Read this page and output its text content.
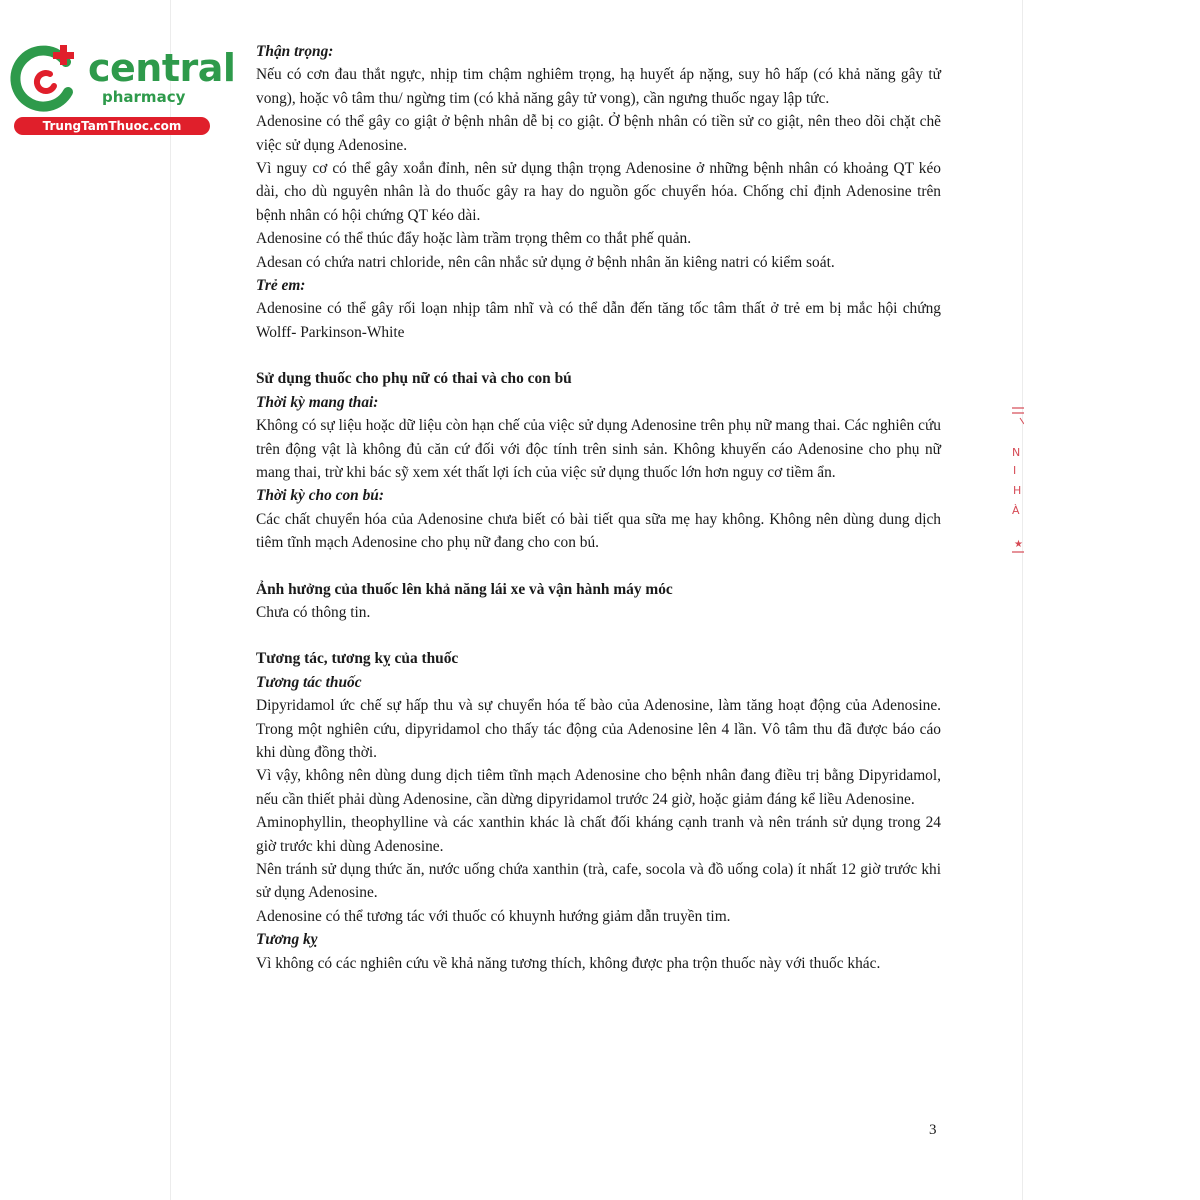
central
pharmacy
TrungTamThuoc.com

Thận trọng:

Nếu có cơn đau thắt ngực, nhịp tim chậm nghiêm trọng, hạ huyết áp nặng, suy hô hấp (có khả năng gây tử vong), hoặc vô tâm thu/ ngừng tim (có khả năng gây tử vong), cần ngưng thuốc ngay lập tức.

Adenosine có thể gây co giật ở bệnh nhân dễ bị co giật. Ở bệnh nhân có tiền sử co giật, nên theo dõi chặt chẽ việc sử dụng Adenosine.

Vì nguy cơ có thể gây xoắn đỉnh, nên sử dụng thận trọng Adenosine ở những bệnh nhân có khoảng QT kéo dài, cho dù nguyên nhân là do thuốc gây ra hay do nguồn gốc chuyển hóa. Chống chỉ định Adenosine trên bệnh nhân có hội chứng QT kéo dài.

Adenosine có thể thúc đẩy hoặc làm trầm trọng thêm co thắt phế quản.

Adesan có chứa natri chloride, nên cân nhắc sử dụng ở bệnh nhân ăn kiêng natri có kiểm soát.

Trẻ em:

Adenosine có thể gây rối loạn nhịp tâm nhĩ và có thể dẫn đến tăng tốc tâm thất ở trẻ em bị mắc hội chứng Wolff- Parkinson-White

Sử dụng thuốc cho phụ nữ có thai và cho con bú

Thời kỳ mang thai:

Không có sự liệu hoặc dữ liệu còn hạn chế của việc sử dụng Adenosine trên phụ nữ mang thai. Các nghiên cứu trên động vật là không đủ căn cứ đối với độc tính trên sinh sản. Không khuyến cáo Adenosine cho phụ nữ mang thai, trừ khi bác sỹ xem xét thất lợi ích của việc sử dụng thuốc lớn hơn nguy cơ tiềm ẩn.

Thời kỳ cho con bú:

Các chất chuyển hóa của Adenosine chưa biết có bài tiết qua sữa mẹ hay không. Không nên dùng dung dịch tiêm tĩnh mạch Adenosine cho phụ nữ đang cho con bú.

Ảnh hưởng của thuốc lên khả năng lái xe và vận hành máy móc

Chưa có thông tin.

Tương tác, tương kỵ của thuốc

Tương tác thuốc

Dipyridamol ức chế sự hấp thu và sự chuyển hóa tế bào của Adenosine, làm tăng hoạt động của Adenosine. Trong một nghiên cứu, dipyridamol cho thấy tác động của Adenosine lên 4 lần. Vô tâm thu đã được báo cáo khi dùng đồng thời.

Vì vậy, không nên dùng dung dịch tiêm tĩnh mạch Adenosine cho bệnh nhân đang điều trị bằng Dipyridamol, nếu cần thiết phải dùng Adenosine, cần dừng dipyridamol trước 24 giờ, hoặc giảm đáng kể liều Adenosine.

Aminophyllin, theophylline và các xanthin khác là chất đối kháng cạnh tranh và nên tránh sử dụng trong 24 giờ trước khi dùng Adenosine.

Nên tránh sử dụng thức ăn, nước uống chứa xanthin (trà, cafe, socola và đồ uống cola) ít nhất 12 giờ trước khi sử dụng Adenosine.

Adenosine có thể tương tác với thuốc có khuynh hướng giảm dẫn truyền tim.

Tương kỵ

Vì không có các nghiên cứu về khả năng tương thích, không được pha trộn thuốc này với thuốc khác.

N
I
H
À
★
3
